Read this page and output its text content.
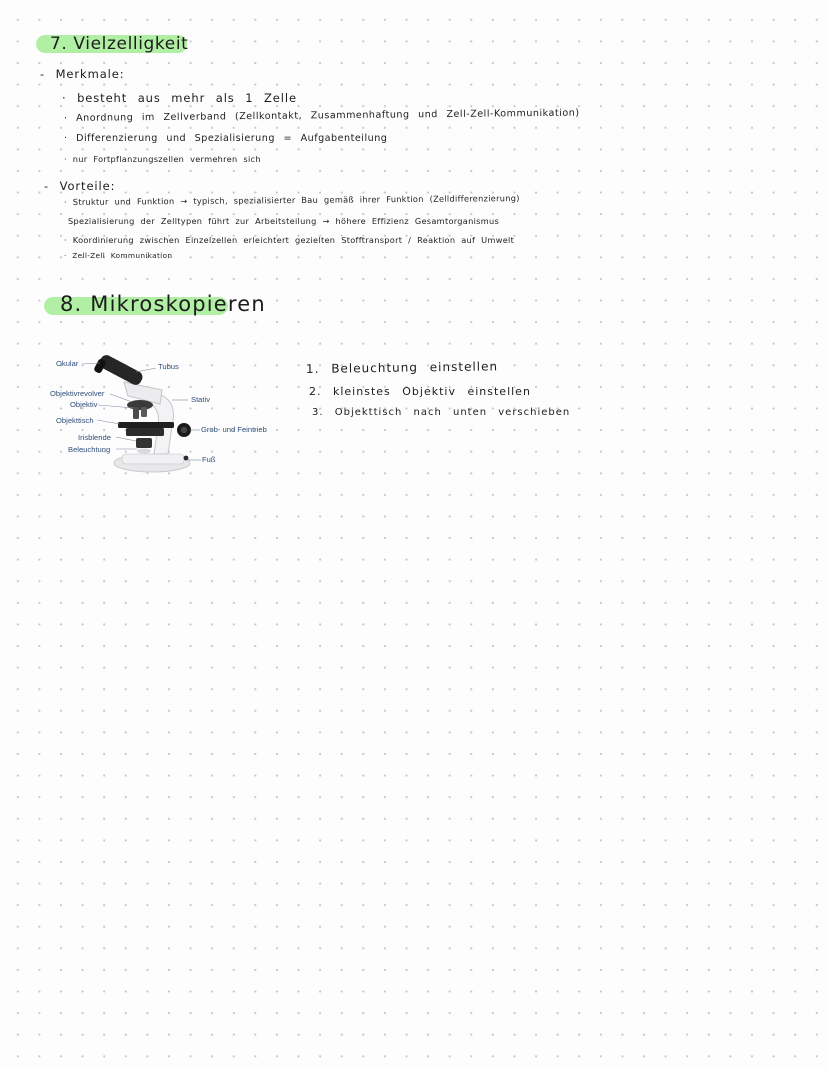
7. Vielzelligkeit
- Merkmale:
· besteht aus mehr als 1 Zelle
· Anordnung im Zellverband (Zellkontakt, Zusammenhaftung und Zell-Zell-Kommunikation)
· Differenzierung und Spezialisierung = Aufgabenteilung
· nur Fortpflanzungszellen vermehren sich
- Vorteile:
· Struktur und Funktion → typisch, spezialisierter Bau gemäß ihrer Funktion (Zelldifferenzierung)
Spezialisierung der Zelltypen führt zur Arbeitsteilung → höhere Effizienz Gesamtorganismus
· Koordinierung zwischen Einzelzellen erleichtert gezielten Stofftransport / Reaktion auf Umwelt
· Zell-Zell Kommunikation
8. Mikroskopieren
Okular	Tubus
Objektivrevolver
Objektiv
Stativ
Objekttisch
Grob- und Feintrieb
Irisblende
Beleuchtung
Fuß
1. Beleuchtung einstellen
2. kleinstes Objektiv einstellen
3. Objekttisch nach unten verschieben
